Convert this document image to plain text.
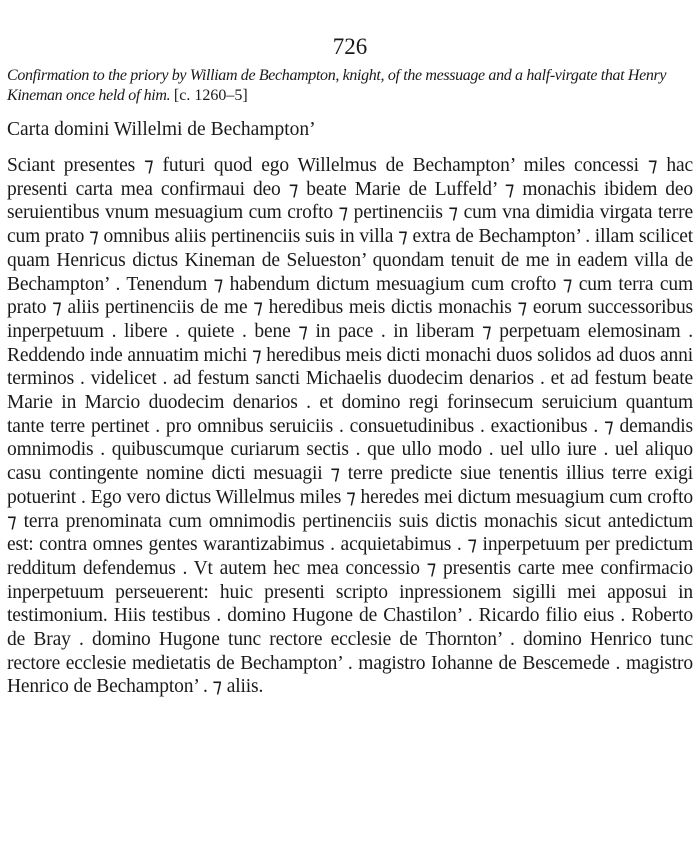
726

Confirmation to the priory by William de Bechampton, knight, of the messuage and a half-virgate that Henry Kineman once held of him. [c. 1260–5]

Carta domini Willelmi de Bechampton’

Sciant presentes ⁊ futuri quod ego Willelmus de Bechampton’ miles concessi ⁊ hac presenti carta mea confirmaui deo ⁊ beate Marie de Luffeld’ ⁊ monachis ibidem deo seruientibus vnum mesuagium cum crofto ⁊ pertinenciis ⁊ cum vna dimidia virgata terre cum prato ⁊ omnibus aliis pertinenciis suis in villa ⁊ extra de Bechampton’ . illam scilicet quam Henricus dictus Kineman de Selueston’ quondam tenuit de me in eadem villa de Bechampton’ . Tenendum ⁊ habendum dictum mesuagium cum crofto ⁊ cum terra cum prato ⁊ aliis pertinenciis de me ⁊ heredibus meis dictis monachis ⁊ eorum successoribus inperpetuum . libere . quiete . bene ⁊ in pace . in liberam ⁊ perpetuam elemosinam . Reddendo inde annuatim michi ⁊ heredibus meis dicti monachi duos solidos ad duos anni terminos . videlicet . ad festum sancti Michaelis duodecim denarios . et ad festum beate Marie in Marcio duodecim denarios . et domino regi forinsecum seruicium quantum tante terre pertinet . pro omnibus seruiciis . consuetudinibus . exactionibus . ⁊ demandis omnimodis . quibuscumque curiarum sectis . que ullo modo . uel ullo iure . uel aliquo casu contingente nomine dicti mesuagii ⁊ terre predicte siue tenentis illius terre exigi potuerint . Ego vero dictus Willelmus miles ⁊ heredes mei dictum mesuagium cum crofto ⁊ terra prenominata cum omnimodis pertinenciis suis dictis monachis sicut antedictum est: contra omnes gentes warantizabimus . acquietabimus . ⁊ inperpetuum per predictum redditum defendemus . Vt autem hec mea concessio ⁊ presentis carte mee confirmacio inperpetuum perseuerent: huic presenti scripto inpressionem sigilli mei apposui in testimonium. Hiis testibus . domino Hugone de Chastilon’ . Ricardo filio eius . Roberto de Bray . domino Hugone tunc rectore ecclesie de Thornton’ . domino Henrico tunc rectore ecclesie medietatis de Bechampton’ . magistro Iohanne de Bescemede . magistro Henrico de Bechampton’ . ⁊ aliis.
